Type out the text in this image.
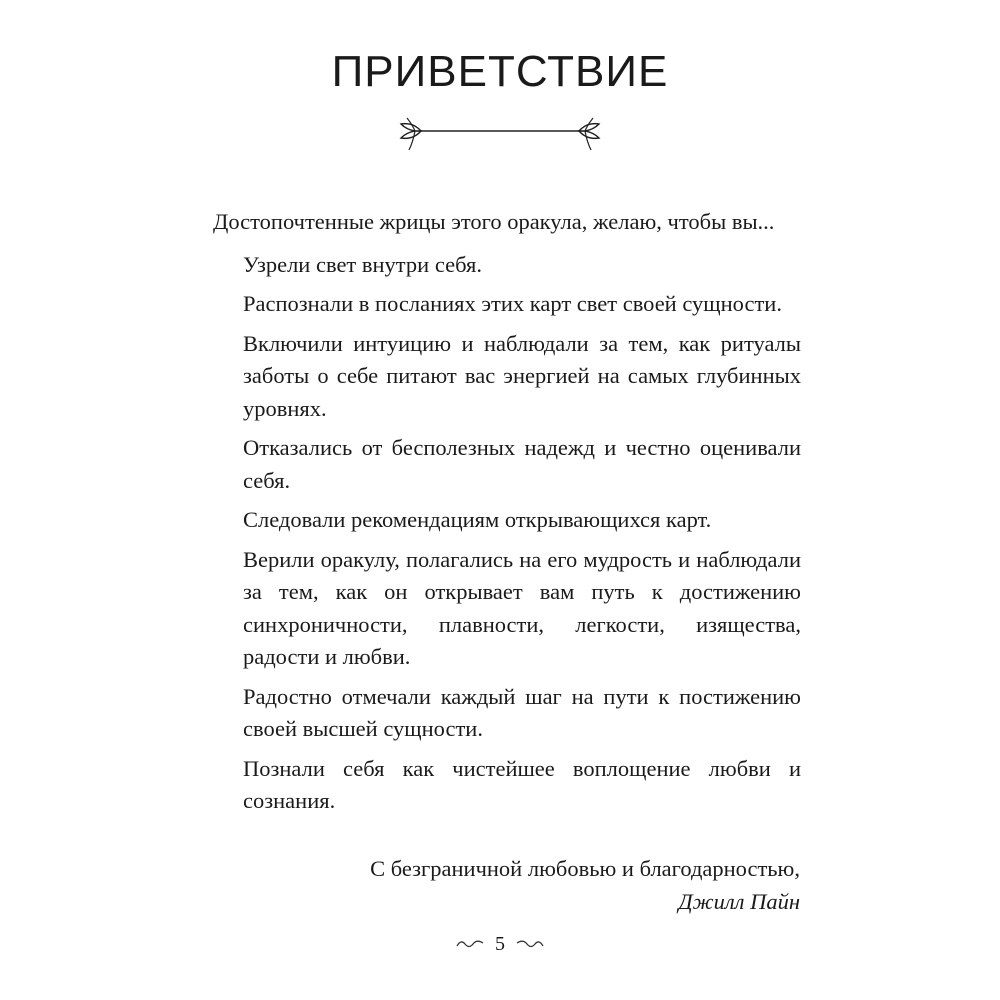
ПРИВЕТСТВИЕ

Достопочтенные жрицы этого оракула, желаю, чтобы вы...

Узрели свет внутри себя.
Распознали в посланиях этих карт свет своей сущности.
Включили интуицию и наблюдали за тем, как ритуалы заботы о себе питают вас энергией на самых глубинных уровнях.
Отказались от бесполезных надежд и честно оценивали себя.
Следовали рекомендациям открывающихся карт.
Верили оракулу, полагались на его мудрость и наблюдали за тем, как он открывает вам путь к достижению синхроничности, плавности, легкости, изящества, радости и любви.
Радостно отмечали каждый шаг на пути к постижению своей высшей сущности.
Познали себя как чистейшее воплощение любви и сознания.
С безграничной любовью и благодарностью,
Джилл Пайн
5
